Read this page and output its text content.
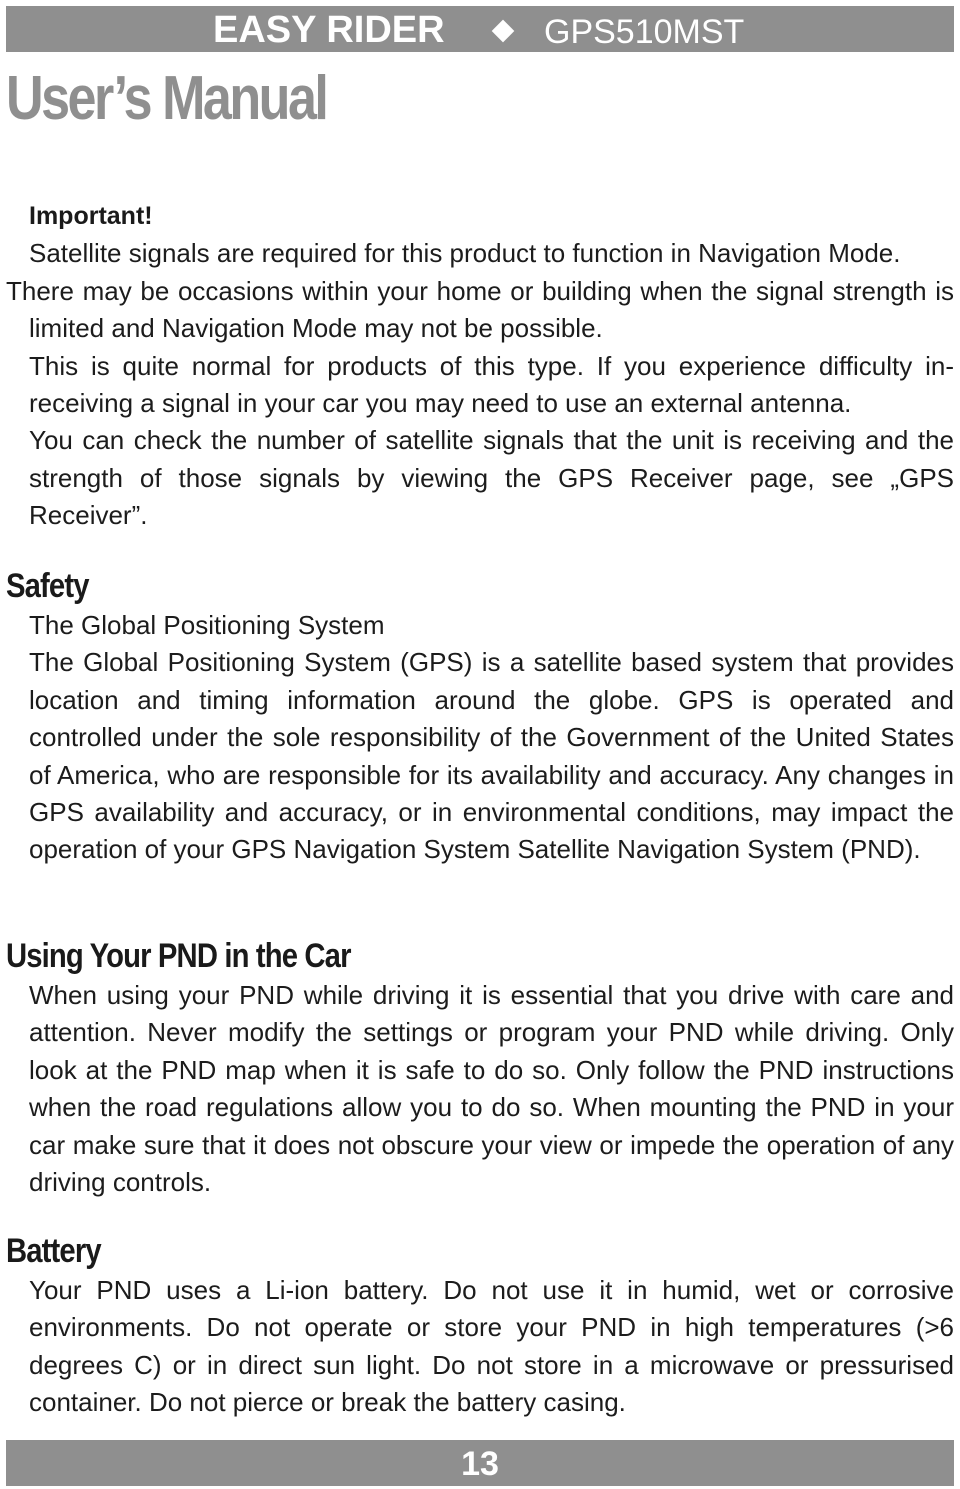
EASY RIDER	GPS510MST
User’s Manual
Important!
Satellite signals are required for this product to function in Navigation Mode.
There may be occasions within your home or building when the signal strength is limited and Navigation Mode may not be possible.
This is quite normal for products of this type. If you experience difficulty in-receiving a signal in your car you may need to use an external antenna.
You can check the number of satellite signals that the unit is receiving and the strength of those signals by viewing the GPS Receiver page, see „GPS Receiver”.
Safety
The Global Positioning System
The Global Positioning System (GPS) is a satellite based system that provides location and timing information around the globe. GPS is operated and controlled under the sole responsibility of the Government of the United States of America, who are responsible for its availability and accuracy. Any changes in GPS availability and accuracy, or in environmental conditions, may impact the operation of your GPS Navigation System Satellite Navigation System (PND).
Using Your PND in the Car
When using your PND while driving it is essential that you drive with care and attention. Never modify the settings or program your PND while driving. Only look at the PND map when it is safe to do so. Only follow the PND instructions when the road regulations allow you to do so. When mounting the PND in your car make sure that it does not obscure your view or impede the operation of any driving controls.
Battery
Your PND uses a Li-ion battery. Do not use it in humid, wet or corrosive environments. Do not operate or store your PND in high temperatures (>6 degrees C) or in direct sun light. Do not store in a microwave or pressurised container. Do not pierce or break the battery casing.
13
